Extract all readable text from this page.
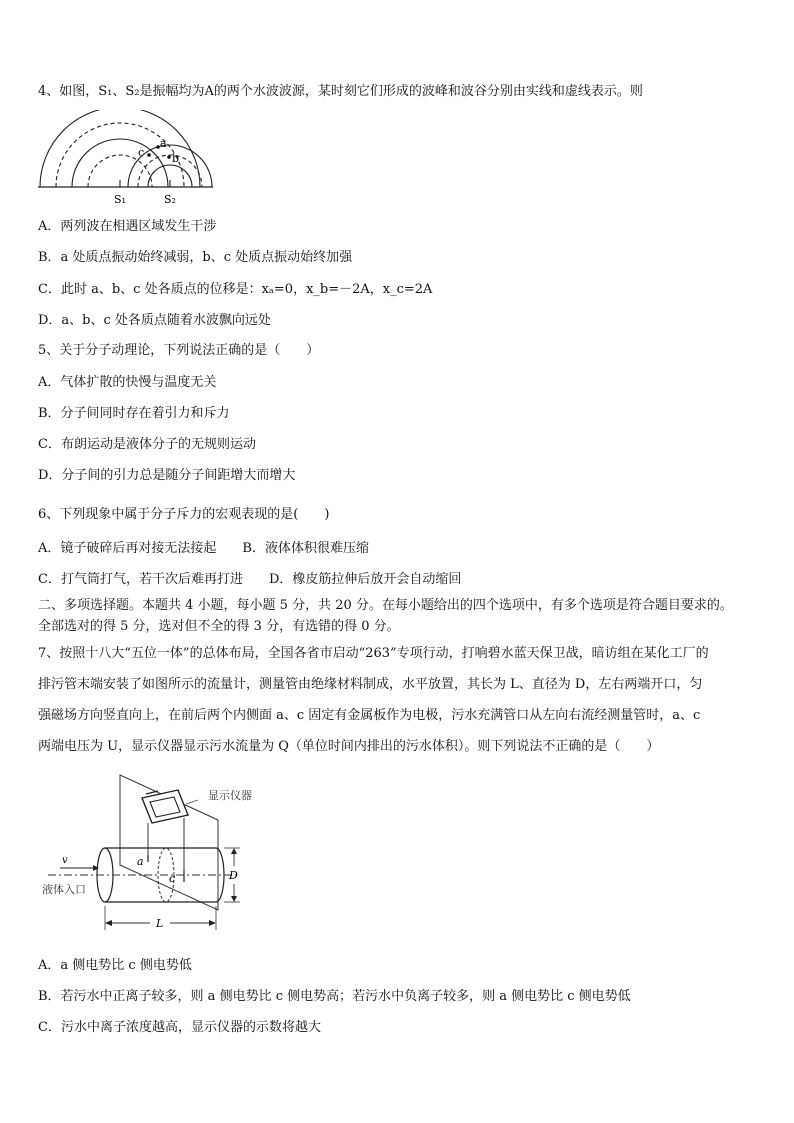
4、如图，S₁、S₂是振幅均为A的两个水波波源，某时刻它们形成的波峰和波谷分别由实线和虚线表示。则
a
b
c
S₁	S₂
A．两列波在相遇区域发生干涉
B．a 处质点振动始终减弱，b、c 处质点振动始终加强
C．此时 a、b、c 处各质点的位移是：xₐ=0，x_b=－2A，x_c=2A
D．a、b、c 处各质点随着水波飘向远处
5、关于分子动理论，下列说法正确的是（　　）
A．气体扩散的快慢与温度无关
B．分子间同时存在着引力和斥力
C．布朗运动是液体分子的无规则运动
D．分子间的引力总是随分子间距增大而增大
6、下列现象中属于分子斥力的宏观表现的是(　　)
A．镜子破碎后再对接无法接起　　B．液体体积很难压缩
C．打气筒打气，若干次后难再打进　　D．橡皮筋拉伸后放开会自动缩回
二、多项选择题。本题共 4 小题，每小题 5 分，共 20 分。在每小题给出的四个选项中，有多个选项是符合题目要求的。
全部选对的得 5 分，选对但不全的得 3 分，有选错的得 0 分。
7、按照十八大“五位一体”的总体布局，全国各省市启动“263”专项行动，打响碧水蓝天保卫战，暗访组在某化工厂的
排污管末端安装了如图所示的流量计，测量管由绝缘材料制成，水平放置，其长为 L、直径为 D，左右两端开口，匀
强磁场方向竖直向上，在前后两个内侧面 a、c 固定有金属板作为电极，污水充满管口从左向右流经测量管时，a、c
两端电压为 U，显示仪器显示污水流量为 Q（单位时间内排出的污水体积）。则下列说法不正确的是（　　）
显示仪器
a
c
v
液体入口
D
L
A．a 侧电势比 c 侧电势低
B．若污水中正离子较多，则 a 侧电势比 c 侧电势高；若污水中负离子较多，则 a 侧电势比 c 侧电势低
C．污水中离子浓度越高，显示仪器的示数将越大
